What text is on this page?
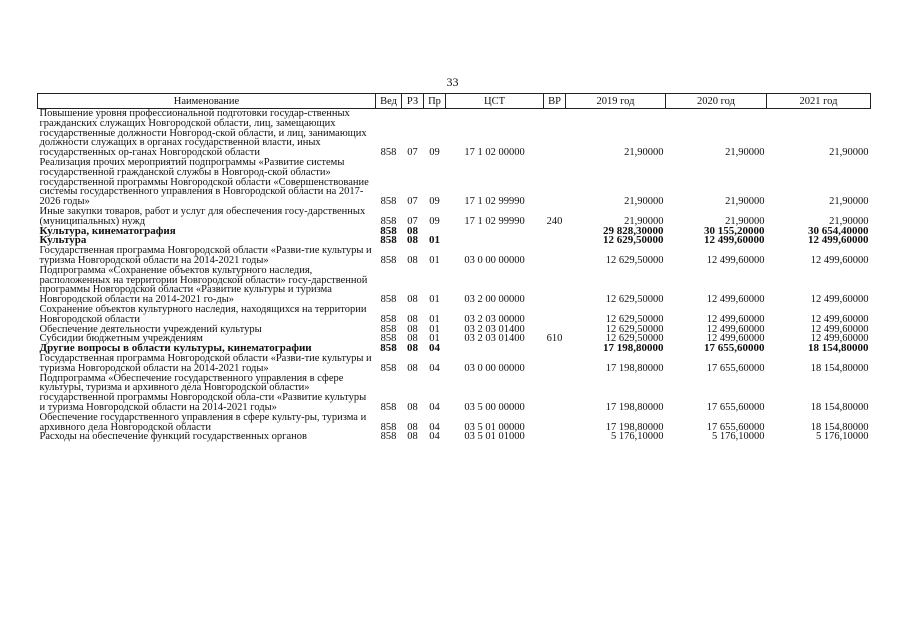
33
Наименование	Вед	РЗ	Пр	ЦСТ	ВР	2019 год	2020 год	2021 год
Повышение уровня профессиональной подготовки государ-ственных гражданских служащих Новгородской области, лиц, замещающих государственные должности Новгород-ской области, и лиц, занимающих должности служащих в органах государственной власти, иных государственных ор-ганах Новгородской области	858	07	09	17 1 02 00000		21,90000	21,90000	21,90000
Реализация прочих мероприятий подпрограммы «Развитие системы государственной гражданской службы в Новгород-ской области» государственной программы Новгородской области «Совершенствование системы государственного управления в Новгородской области на 2017-2026 годы»	858	07	09	17 1 02 99990		21,90000	21,90000	21,90000
Иные закупки товаров, работ и услуг для обеспечения госу-дарственных (муниципальных) нужд	858	07	09	17 1 02 99990	240	21,90000	21,90000	21,90000
Культура, кинематография	858	08				29 828,30000	30 155,20000	30 654,40000
Культура	858	08	01			12 629,50000	12 499,60000	12 499,60000
Государственная программа Новгородской области «Разви-тие культуры и туризма Новгородской области на 2014-2021 годы»	858	08	01	03 0 00 00000		12 629,50000	12 499,60000	12 499,60000
Подпрограмма «Сохранение объектов культурного наследия, расположенных на территории Новгородской области» госу-дарственной программы Новгородской области «Развитие культуры и туризма Новгородской области на 2014-2021 го-ды»	858	08	01	03 2 00 00000		12 629,50000	12 499,60000	12 499,60000
Сохранение объектов культурного наследия, находящихся на территории Новгородской области	858	08	01	03 2 03 00000		12 629,50000	12 499,60000	12 499,60000
Обеспечение деятельности учреждений культуры	858	08	01	03 2 03 01400		12 629,50000	12 499,60000	12 499,60000
Субсидии бюджетным учреждениям	858	08	01	03 2 03 01400	610	12 629,50000	12 499,60000	12 499,60000
Другие вопросы в области культуры, кинематографии	858	08	04			17 198,80000	17 655,60000	18 154,80000
Государственная программа Новгородской области «Разви-тие культуры и туризма Новгородской области на 2014-2021 годы»	858	08	04	03 0 00 00000		17 198,80000	17 655,60000	18 154,80000
Подпрограмма «Обеспечение государственного управления в сфере культуры, туризма и архивного дела Новгородской области» государственной программы Новгородской обла-сти «Развитие культуры и туризма Новгородской области на 2014-2021 годы»	858	08	04	03 5 00 00000		17 198,80000	17 655,60000	18 154,80000
Обеспечение государственного управления в сфере культу-ры, туризма и архивного дела Новгородской области	858	08	04	03 5 01 00000		17 198,80000	17 655,60000	18 154,80000
Расходы на обеспечение функций государственных органов	858	08	04	03 5 01 01000		5 176,10000	5 176,10000	5 176,10000
